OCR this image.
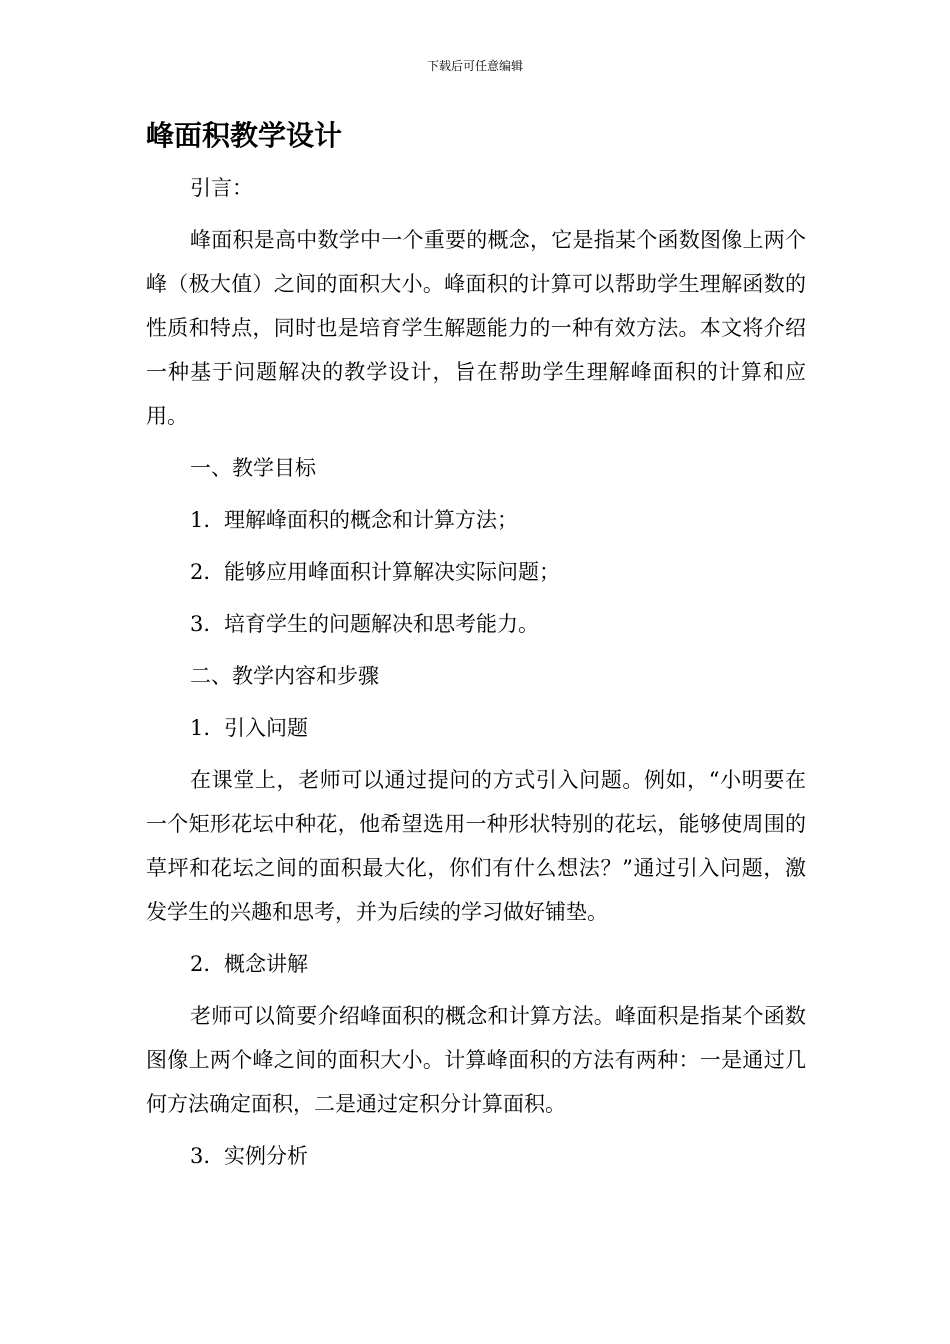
下载后可任意编辑
峰面积教学设计
引言：
峰面积是高中数学中一个重要的概念，它是指某个函数图像上两个峰（极大值）之间的面积大小。峰面积的计算可以帮助学生理解函数的性质和特点，同时也是培育学生解题能力的一种有效方法。本文将介绍一种基于问题解决的教学设计，旨在帮助学生理解峰面积的计算和应用。
一、教学目标
1. 理解峰面积的概念和计算方法；
2. 能够应用峰面积计算解决实际问题；
3. 培育学生的问题解决和思考能力。
二、教学内容和步骤
1. 引入问题
在课堂上，老师可以通过提问的方式引入问题。例如，“小明要在一个矩形花坛中种花，他希望选用一种形状特别的花坛，能够使周围的草坪和花坛之间的面积最大化，你们有什么想法？”通过引入问题，激发学生的兴趣和思考，并为后续的学习做好铺垫。
2. 概念讲解
老师可以简要介绍峰面积的概念和计算方法。峰面积是指某个函数图像上两个峰之间的面积大小。计算峰面积的方法有两种：一是通过几何方法确定面积，二是通过定积分计算面积。
3. 实例分析
